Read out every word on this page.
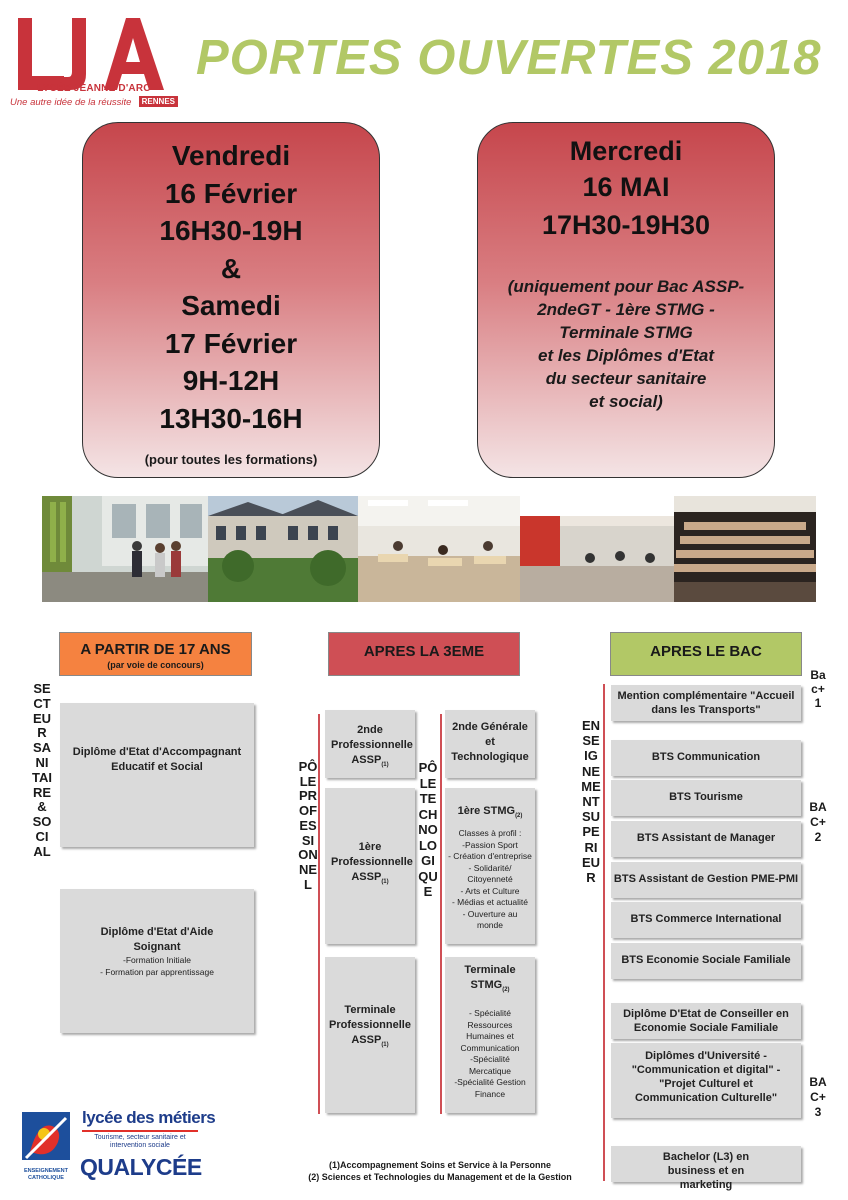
LYCÉE JEANNE D'ARC
Une autre idée de la réussite	RENNES
PORTES OUVERTES 2018
Vendredi
16 Février
16H30-19H
&
Samedi
17 Février
9H-12H
13H30-16H
(pour toutes les formations)
Mercredi
16 MAI
17H30-19H30
(uniquement pour Bac ASSP-
2ndeGT - 1ère STMG -
Terminale STMG
et les Diplômes d'Etat
du secteur sanitaire
et social)
A PARTIR DE 17 ANS
(par voie de concours)
APRES LA 3EME	APRES LE BAC
SECTEUR SANITAIRE & SOCIAL
PÔLE PROFESSIONNEL
PÔLE TECHNOLOGIQUE
ENSEIGNEMENT SUPERIEUR
Bac+1
BAC+2
BAC+3
Diplôme d'Etat d'Accompagnant Educatif et Social
Diplôme d'Etat d'Aide Soignant
-Formation Initiale
- Formation par apprentissage
2nde Professionnelle $ASSP_{(1)}$
1ère Professionnelle $ASSP_{(1)}$
Terminale Professionnelle $ASSP_{(1)}$
2nde Générale et Technologique
1ère $STMG_{(2)}$
Classes à profil :
-Passion Sport
- Création d'entreprise
- Solidarité/ Citoyenneté
- Arts et Culture
- Médias et actualité
- Ouverture au monde
Terminale $STMG_{(2)}$
- Spécialité Ressources Humaines et Communication
-Spécialité Mercatique
-Spécialité Gestion Finance
Mention complémentaire "Accueil dans les Transports"
BTS Communication
BTS Tourisme
BTS Assistant de Manager
BTS Assistant de Gestion PME-PMI
BTS Commerce International
BTS Economie Sociale Familiale
Diplôme D'Etat de Conseiller en Economie Sociale Familiale
Diplômes d'Université - "Communication et digital" - "Projet Culturel et Communication Culturelle"
Bachelor (L3) en business et en marketing
(1)Accompagnement Soins et Service à la Personne
(2) Sciences et Technologies du Management et de la Gestion
ENSEIGNEMENT CATHOLIQUE
lycée des métiers
Tourisme, secteur sanitaire et intervention sociale
QUALYCÉE
